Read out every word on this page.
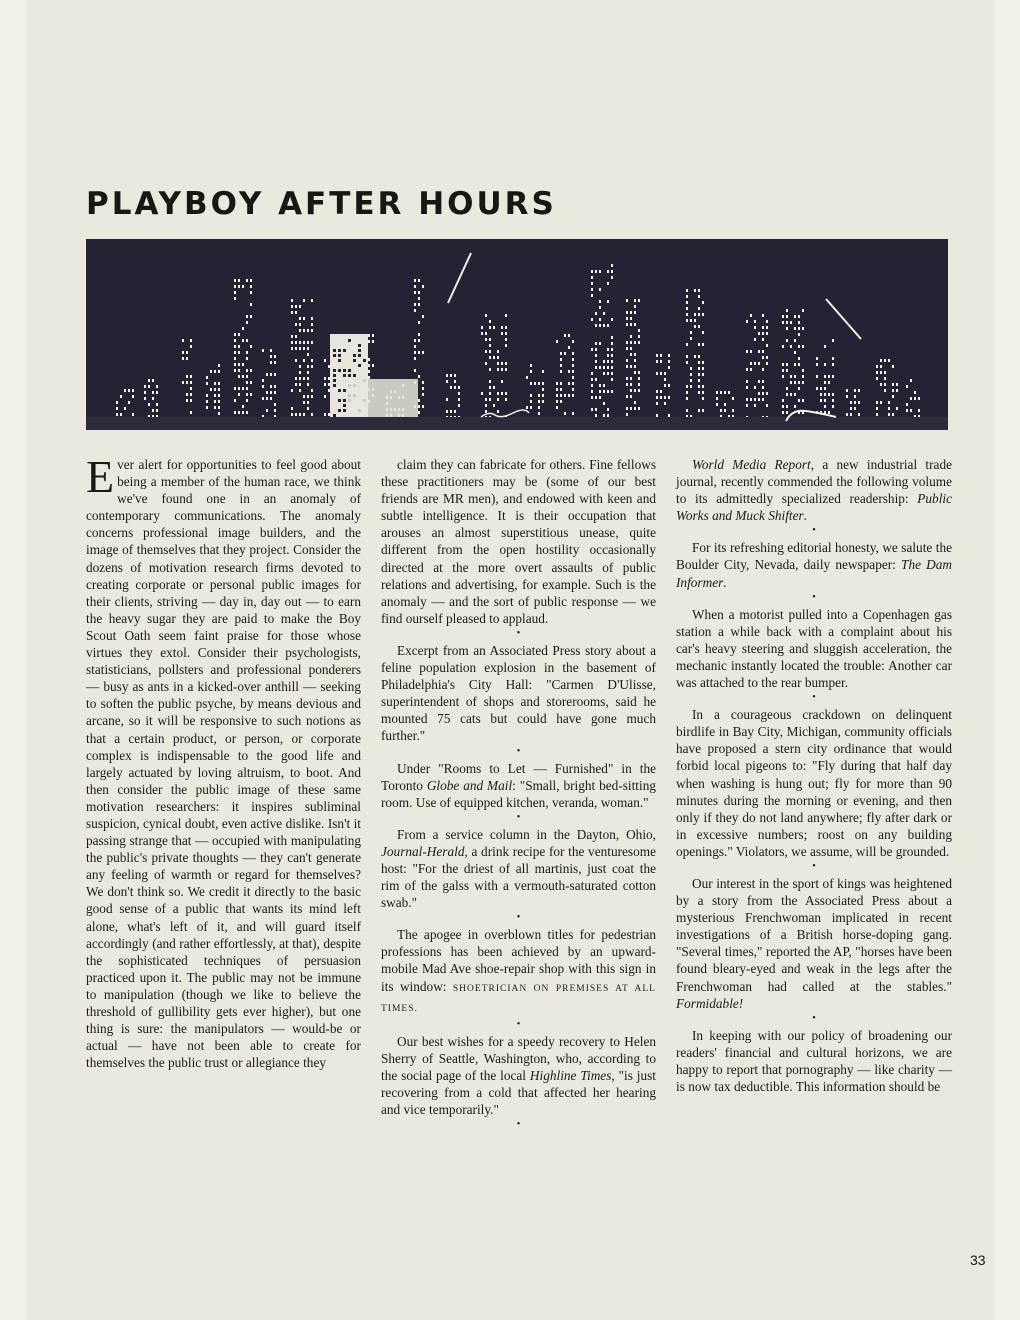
PLAYBOY AFTER HOURS

Ever alert for opportunities to feel good about being a member of the human race, we think we've found one in an anomaly of contemporary communications. The anomaly concerns professional image builders, and the image of themselves that they project. Consider the dozens of motivation research firms devoted to creating corporate or personal public images for their clients, striving — day in, day out — to earn the heavy sugar they are paid to make the Boy Scout Oath seem faint praise for those whose virtues they extol. Consider their psychologists, statisticians, pollsters and professional ponderers — busy as ants in a kicked-over anthill — seeking to soften the public psyche, by means devious and arcane, so it will be responsive to such notions as that a certain product, or person, or corporate complex is indispensable to the good life and largely actuated by loving altruism, to boot. And then consider the public image of these same motivation researchers: it inspires subliminal suspicion, cynical doubt, even active dislike. Isn't it passing strange that — occupied with manipulating the public's private thoughts — they can't generate any feeling of warmth or regard for themselves? We don't think so. We credit it directly to the basic good sense of a public that wants its mind left alone, what's left of it, and will guard itself accordingly (and rather effortlessly, at that), despite the sophisticated techniques of persuasion practiced upon it. The public may not be immune to manipulation (though we like to believe the threshold of gullibility gets ever higher), but one thing is sure: the manipulators — would-be or actual — have not been able to create for themselves the public trust or allegiance they

claim they can fabricate for others. Fine fellows these practitioners may be (some of our best friends are MR men), and endowed with keen and subtle intelligence. It is their occupation that arouses an almost superstitious unease, quite different from the open hostility occasionally directed at the more overt assaults of public relations and advertising, for example. Such is the anomaly — and the sort of public response — we find ourself pleased to applaud.

•

Excerpt from an Associated Press story about a feline population explosion in the basement of Philadelphia's City Hall: "Carmen D'Ulisse, superintendent of shops and storerooms, said he mounted 75 cats but could have gone much further."

•

Under "Rooms to Let — Furnished" in the Toronto Globe and Mail: "Small, bright bed-sitting room. Use of equipped kitchen, veranda, woman."

•

From a service column in the Dayton, Ohio, Journal-Herald, a drink recipe for the venturesome host: "For the driest of all martinis, just coat the rim of the galss with a vermouth-saturated cotton swab."

•

The apogee in overblown titles for pedestrian professions has been achieved by an upward-mobile Mad Ave shoe-repair shop with this sign in its window: SHOETRICIAN ON PREMISES AT ALL TIMES.

•

Our best wishes for a speedy recovery to Helen Sherry of Seattle, Washington, who, according to the social page of the local Highline Times, "is just recovering from a cold that affected her hearing and vice temporarily."

•

World Media Report, a new industrial trade journal, recently commended the following volume to its admittedly specialized readership: Public Works and Muck Shifter.

•

For its refreshing editorial honesty, we salute the Boulder City, Nevada, daily newspaper: The Dam Informer.

•

When a motorist pulled into a Copenhagen gas station a while back with a complaint about his car's heavy steering and sluggish acceleration, the mechanic instantly located the trouble: Another car was attached to the rear bumper.

•

In a courageous crackdown on delinquent birdlife in Bay City, Michigan, community officials have proposed a stern city ordinance that would forbid local pigeons to: "Fly during that half day when washing is hung out; fly for more than 90 minutes during the morning or evening, and then only if they do not land anywhere; fly after dark or in excessive numbers; roost on any building openings." Violators, we assume, will be grounded.

•

Our interest in the sport of kings was heightened by a story from the Associated Press about a mysterious Frenchwoman implicated in recent investigations of a British horse-doping gang. "Several times," reported the AP, "horses have been found bleary-eyed and weak in the legs after the Frenchwoman had called at the stables." Formidable!

•

In keeping with our policy of broadening our readers' financial and cultural horizons, we are happy to report that pornography — like charity — is now tax deductible. This information should be

33
